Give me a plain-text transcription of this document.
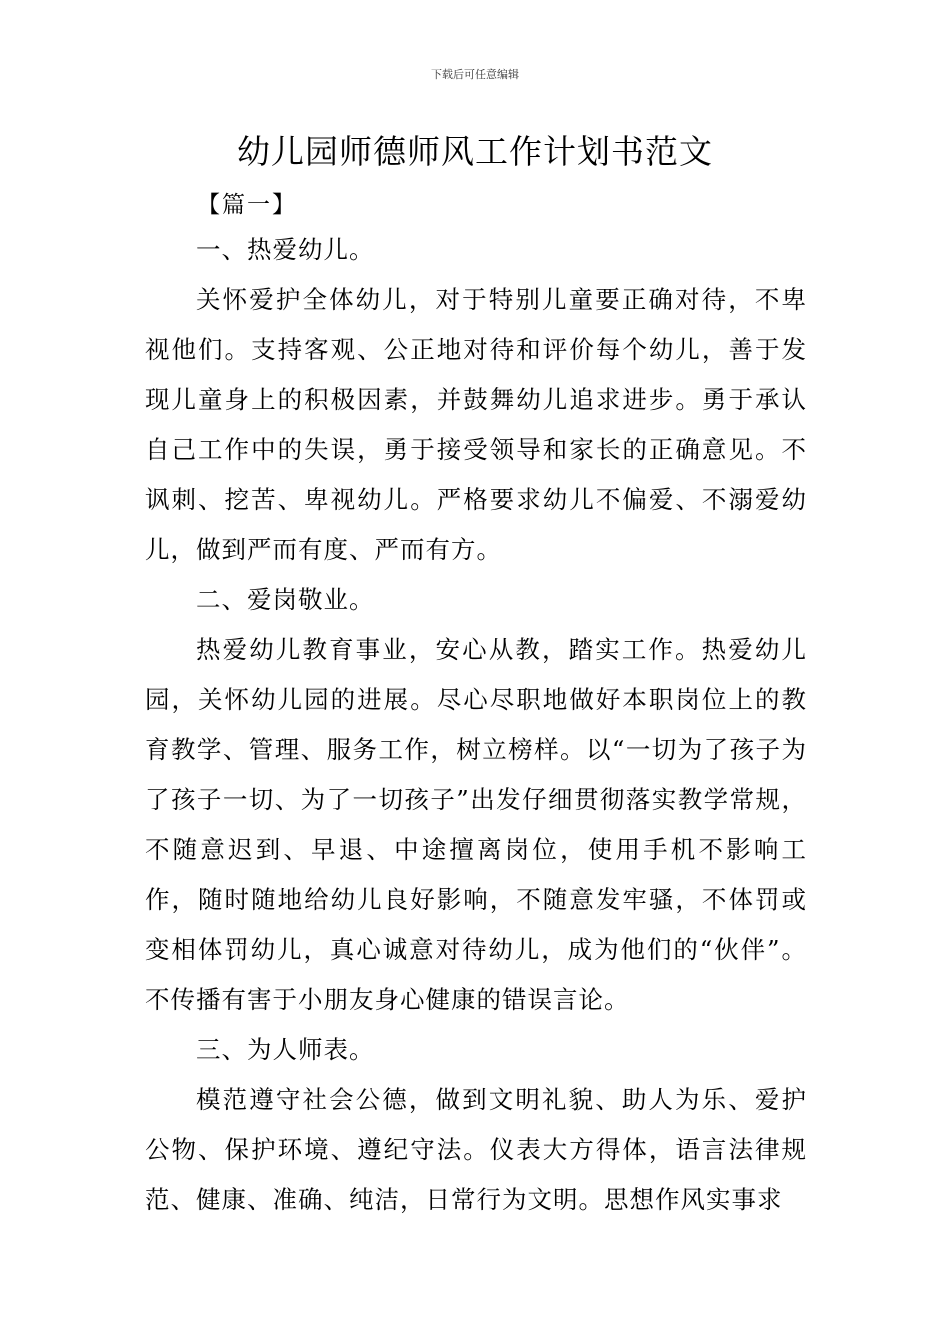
下载后可任意编辑
幼儿园师德师风工作计划书范文
【篇一】

一、热爱幼儿。

关怀爱护全体幼儿，对于特别儿童要正确对待，不卑视他们。支持客观、公正地对待和评价每个幼儿，善于发现儿童身上的积极因素，并鼓舞幼儿追求进步。勇于承认自己工作中的失误，勇于接受领导和家长的正确意见。不讽刺、挖苦、卑视幼儿。严格要求幼儿不偏爱、不溺爱幼儿，做到严而有度、严而有方。

二、爱岗敬业。

热爱幼儿教育事业，安心从教，踏实工作。热爱幼儿园，关怀幼儿园的进展。尽心尽职地做好本职岗位上的教育教学、管理、服务工作，树立榜样。以“一切为了孩子为了孩子一切、为了一切孩子”出发仔细贯彻落实教学常规，不随意迟到、早退、中途擅离岗位，使用手机不影响工作，随时随地给幼儿良好影响，不随意发牢骚，不体罚或变相体罚幼儿，真心诚意对待幼儿，成为他们的“伙伴”。不传播有害于小朋友身心健康的错误言论。

三、为人师表。

模范遵守社会公德，做到文明礼貌、助人为乐、爱护公物、保护环境、遵纪守法。仪表大方得体，语言法律规范、健康、准确、纯洁，日常行为文明。思想作风实事求
